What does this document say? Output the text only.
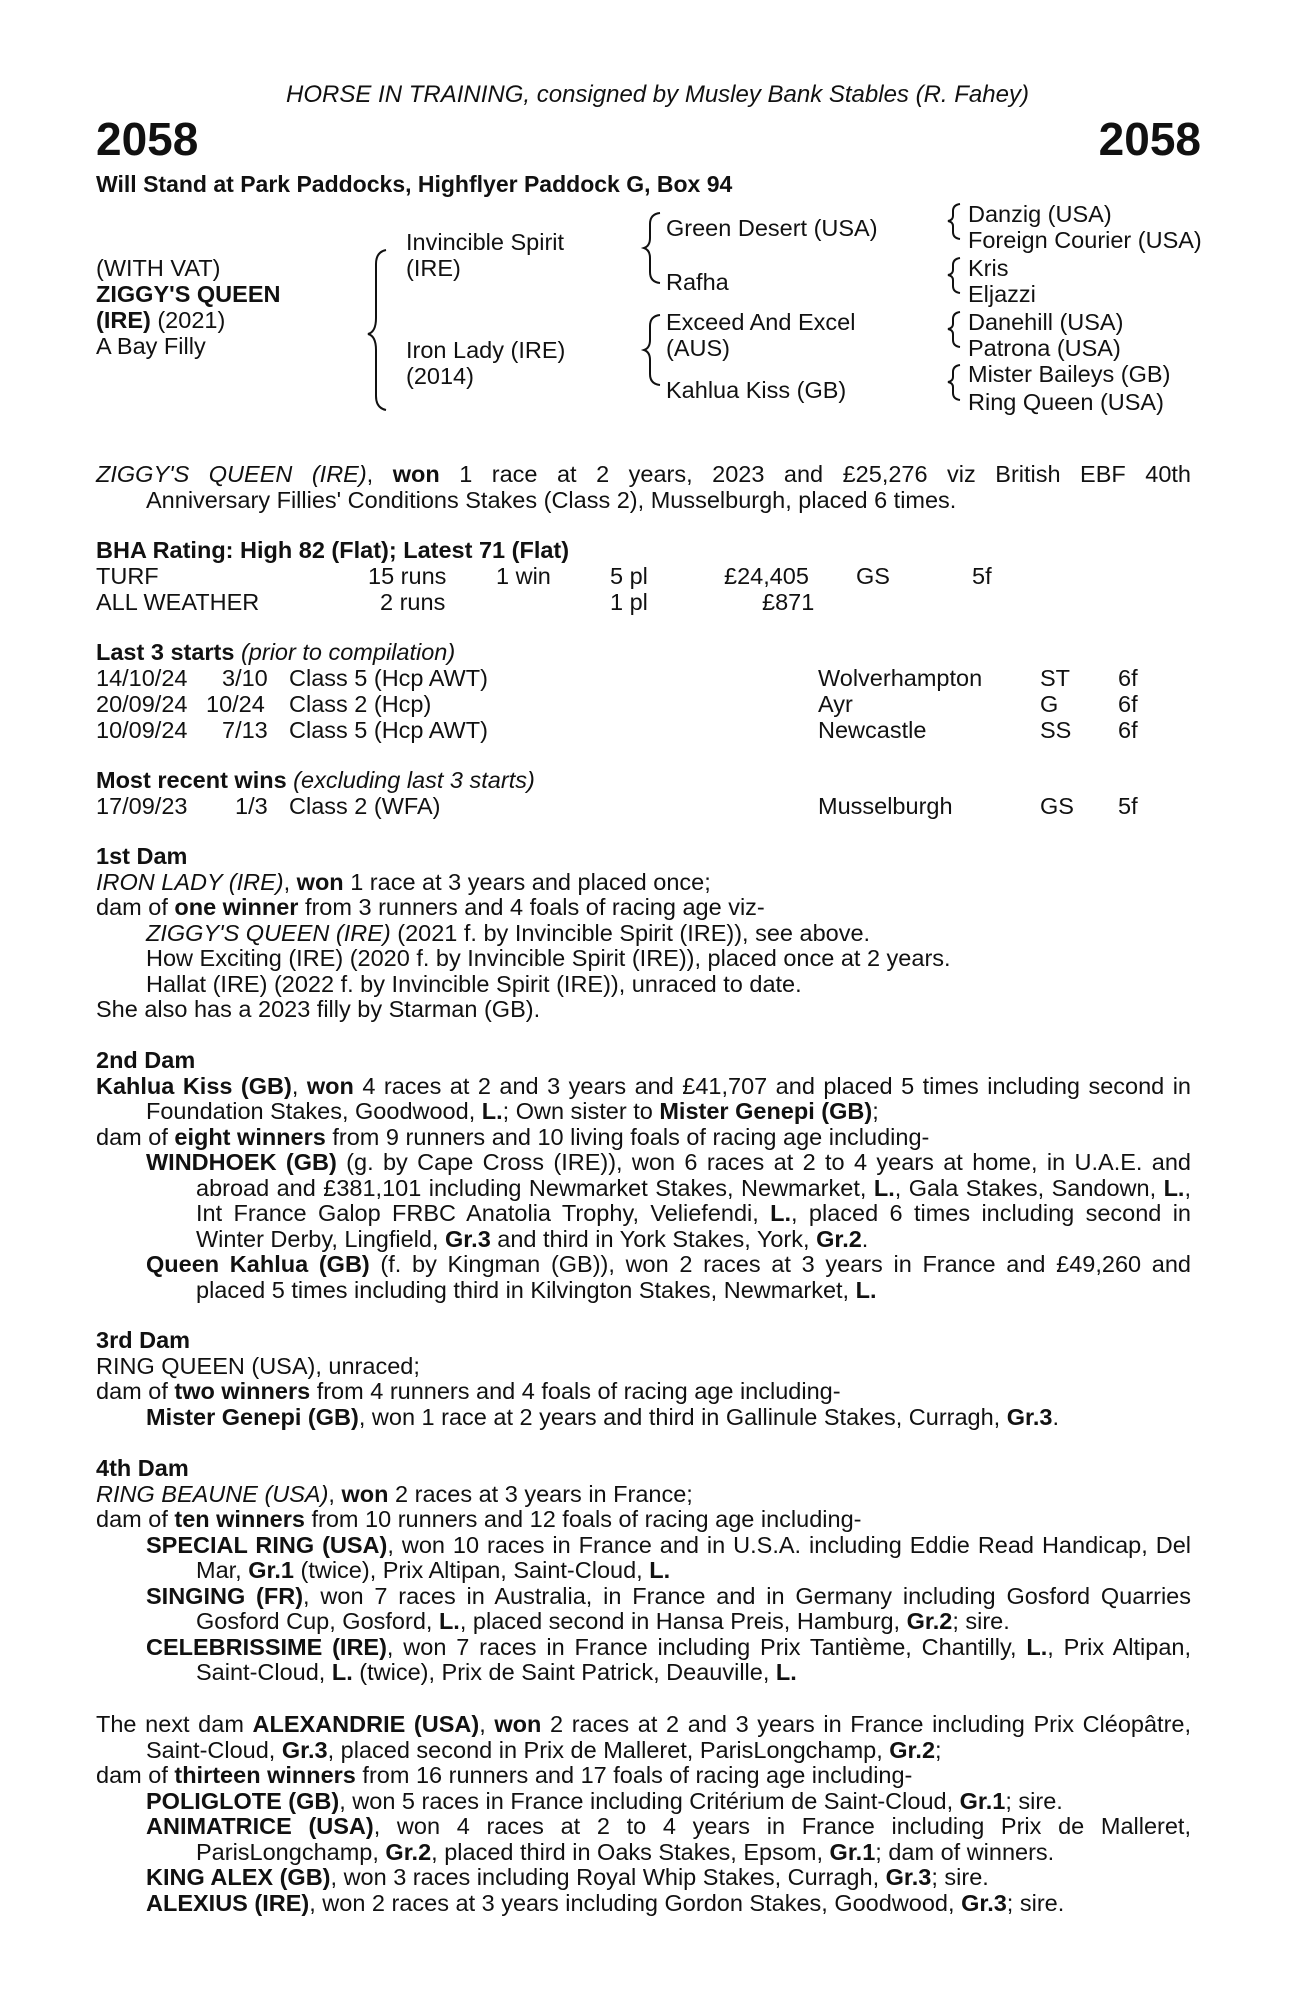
HORSE IN TRAINING, consigned by Musley Bank Stables (R. Fahey)
2058	2058
Will Stand at Park Paddocks, Highflyer Paddock G, Box 94
(WITH VAT)
ZIGGY'S QUEEN
(IRE) (2021)
A Bay Filly
Invincible Spirit
(IRE)
Iron Lady (IRE)
(2014)
Green Desert (USA)
Rafha
Exceed And Excel
(AUS)
Kahlua Kiss (GB)
Danzig (USA)
Foreign Courier (USA)
Kris
Eljazzi
Danehill (USA)
Patrona (USA)
Mister Baileys (GB)
Ring Queen (USA)
ZIGGY'S QUEEN (IRE), won 1 race at 2 years, 2023 and £25,276 viz British EBF 40th
Anniversary Fillies' Conditions Stakes (Class 2), Musselburgh, placed 6 times.
BHA Rating: High 82 (Flat); Latest 71 (Flat)
TURF	15 runs 1 win	5 pl	£24,405 GS	5f
ALL WEATHER	2 runs	1 pl	£871
Last 3 starts (prior to compilation)
14/10/24 3/10 Class 5 (Hcp AWT)	Wolverhampton ST 6f
20/09/24 10/24 Class 2 (Hcp)	Ayr	G	6f
10/09/24 7/13 Class 5 (Hcp AWT)	Newcastle	SS 6f
Most recent wins (excluding last 3 starts)
17/09/23 1/3 Class 2 (WFA)	Musselburgh	GS 5f
1st Dam
IRON LADY (IRE), won 1 race at 3 years and placed once;
dam of one winner from 3 runners and 4 foals of racing age viz-
ZIGGY'S QUEEN (IRE) (2021 f. by Invincible Spirit (IRE)), see above.
How Exciting (IRE) (2020 f. by Invincible Spirit (IRE)), placed once at 2 years.
Hallat (IRE) (2022 f. by Invincible Spirit (IRE)), unraced to date.
She also has a 2023 filly by Starman (GB).
2nd Dam

Kahlua Kiss (GB), won 4 races at 2 and 3 years and £41,707 and placed 5 times including second in Foundation Stakes, Goodwood, L.; Own sister to Mister Genepi (GB);

dam of eight winners from 9 runners and 10 living foals of racing age including-

WINDHOEK (GB) (g. by Cape Cross (IRE)), won 6 races at 2 to 4 years at home, in U.A.E. and abroad and £381,101 including Newmarket Stakes, Newmarket, L., Gala Stakes, Sandown, L., Int France Galop FRBC Anatolia Trophy, Veliefendi, L., placed 6 times including second in Winter Derby, Lingfield, Gr.3 and third in York Stakes, York, Gr.2.

Queen Kahlua (GB) (f. by Kingman (GB)), won 2 races at 3 years in France and £49,260 and placed 5 times including third in Kilvington Stakes, Newmarket, L.

3rd Dam
RING QUEEN (USA), unraced;
dam of two winners from 4 runners and 4 foals of racing age including-
Mister Genepi (GB), won 1 race at 2 years and third in Gallinule Stakes, Curragh, Gr.3.
4th Dam
RING BEAUNE (USA), won 2 races at 3 years in France;
dam of ten winners from 10 runners and 12 foals of racing age including-

SPECIAL RING (USA), won 10 races in France and in U.S.A. including Eddie Read Handicap, Del Mar, Gr.1 (twice), Prix Altipan, Saint-Cloud, L.

SINGING (FR), won 7 races in Australia, in France and in Germany including Gosford Quarries Gosford Cup, Gosford, L., placed second in Hansa Preis, Hamburg, Gr.2; sire.

CELEBRISSIME (IRE), won 7 races in France including Prix Tantième, Chantilly, L., Prix Altipan, Saint-Cloud, L. (twice), Prix de Saint Patrick, Deauville, L.

The next dam ALEXANDRIE (USA), won 2 races at 2 and 3 years in France including Prix Cléopâtre, Saint-Cloud, Gr.3, placed second in Prix de Malleret, ParisLongchamp, Gr.2;

dam of thirteen winners from 16 runners and 17 foals of racing age including-
POLIGLOTE (GB), won 5 races in France including Critérium de Saint-Cloud, Gr.1; sire.

ANIMATRICE (USA), won 4 races at 2 to 4 years in France including Prix de Malleret, ParisLongchamp, Gr.2, placed third in Oaks Stakes, Epsom, Gr.1; dam of winners.

KING ALEX (GB), won 3 races including Royal Whip Stakes, Curragh, Gr.3; sire.
ALEXIUS (IRE), won 2 races at 3 years including Gordon Stakes, Goodwood, Gr.3; sire.
